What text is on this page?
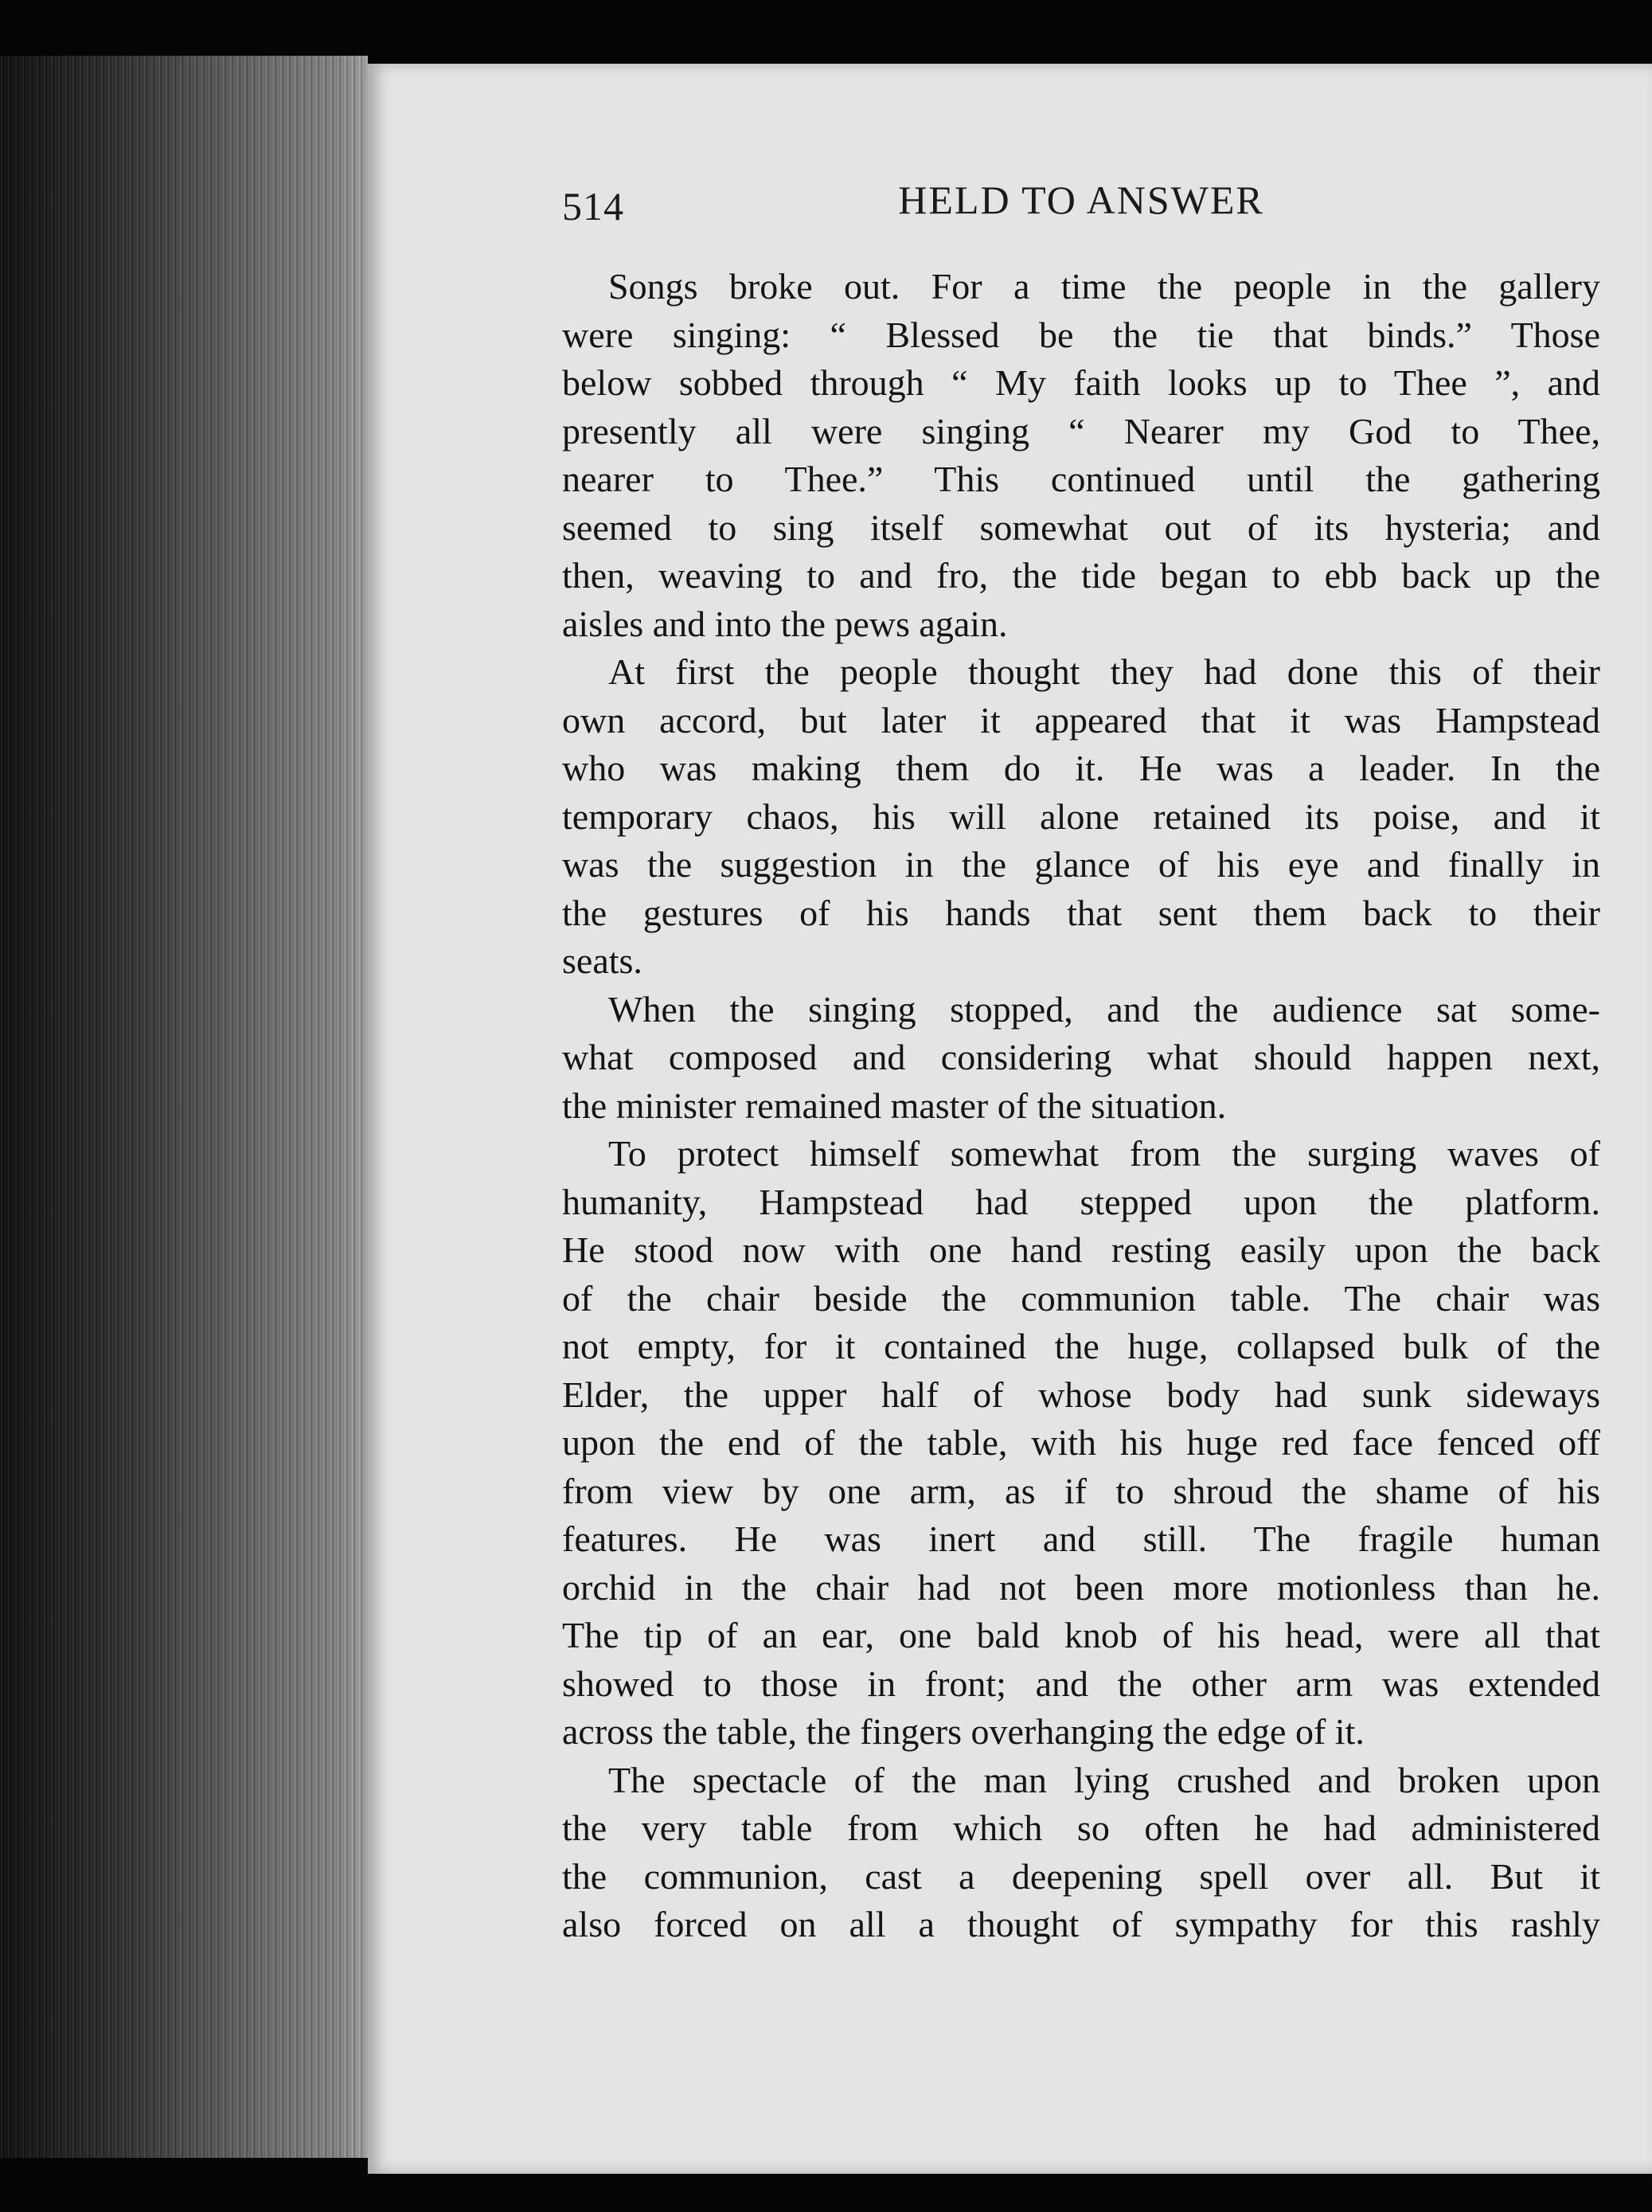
514	HELD TO ANSWER
Songs broke out. For a time the people in the gallery
were singing: “ Blessed be the tie that binds.” Those
below sobbed through “ My faith looks up to Thee ”, and
presently all were singing “ Nearer my God to Thee,
nearer to Thee.” This continued until the gathering
seemed to sing itself somewhat out of its hysteria; and
then, weaving to and fro, the tide began to ebb back up the
aisles and into the pews again.
At first the people thought they had done this of their
own accord, but later it appeared that it was Hampstead
who was making them do it. He was a leader. In the
temporary chaos, his will alone retained its poise, and it
was the suggestion in the glance of his eye and finally in
the gestures of his hands that sent them back to their
seats.
When the singing stopped, and the audience sat some-
what composed and considering what should happen next,
the minister remained master of the situation.
To protect himself somewhat from the surging waves of
humanity, Hampstead had stepped upon the platform.
He stood now with one hand resting easily upon the back
of the chair beside the communion table. The chair was
not empty, for it contained the huge, collapsed bulk of the
Elder, the upper half of whose body had sunk sideways
upon the end of the table, with his huge red face fenced off
from view by one arm, as if to shroud the shame of his
features. He was inert and still. The fragile human
orchid in the chair had not been more motionless than he.
The tip of an ear, one bald knob of his head, were all that
showed to those in front; and the other arm was extended
across the table, the fingers overhanging the edge of it.
The spectacle of the man lying crushed and broken upon
the very table from which so often he had administered
the communion, cast a deepening spell over all. But it
also forced on all a thought of sympathy for this rashly
